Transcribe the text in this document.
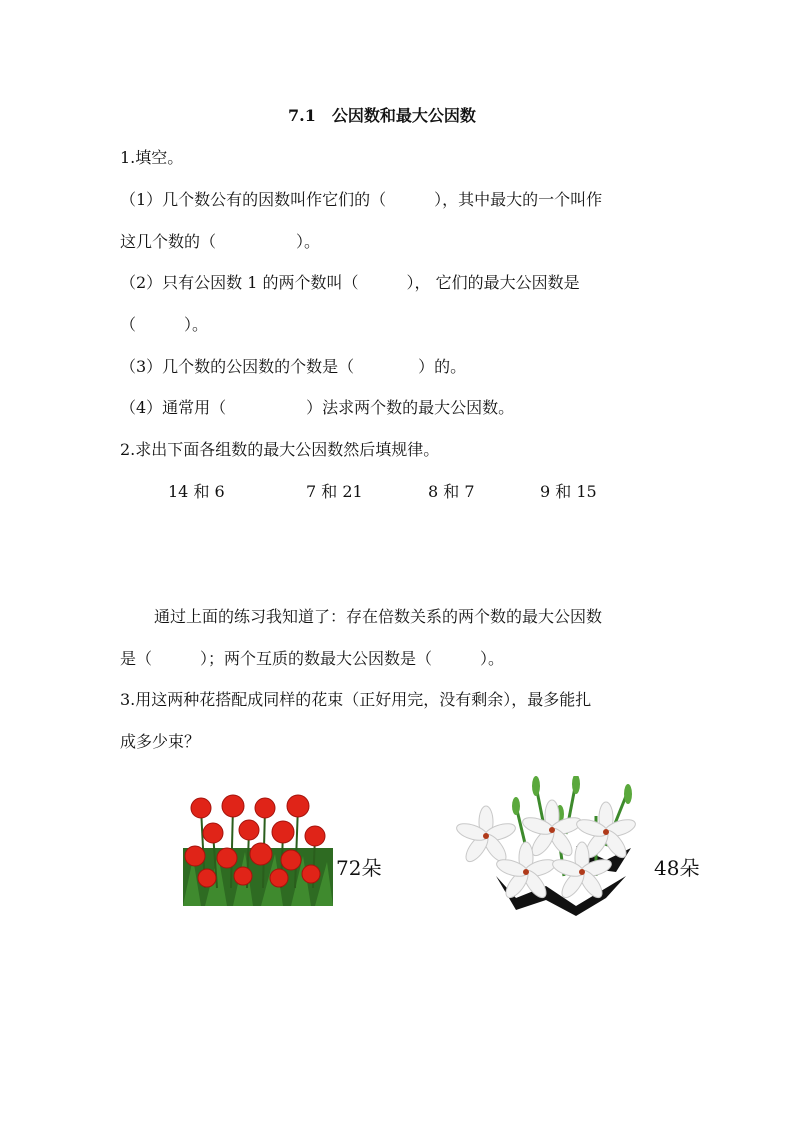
7.1　公因数和最大公因数
1.填空。
（1）几个数公有的因数叫作它们的（　　　），其中最大的一个叫作
这几个数的（　　　　　）。
（2）只有公因数 1 的两个数叫（　　　）， 它们的最大公因数是
（　　　）。
（3）几个数的公因数的个数是（　　　　）的。
（4）通常用（　　　　　）法求两个数的最大公因数。
2.求出下面各组数的最大公因数然后填规律。
14 和 6	7 和 21	8 和 7	9 和 15
通过上面的练习我知道了：存在倍数关系的两个数的最大公因数
是（　　　）；两个互质的数最大公因数是（　　　）。
3.用这两种花搭配成同样的花束（正好用完，没有剩余），最多能扎
成多少束？
72朵	48朵
